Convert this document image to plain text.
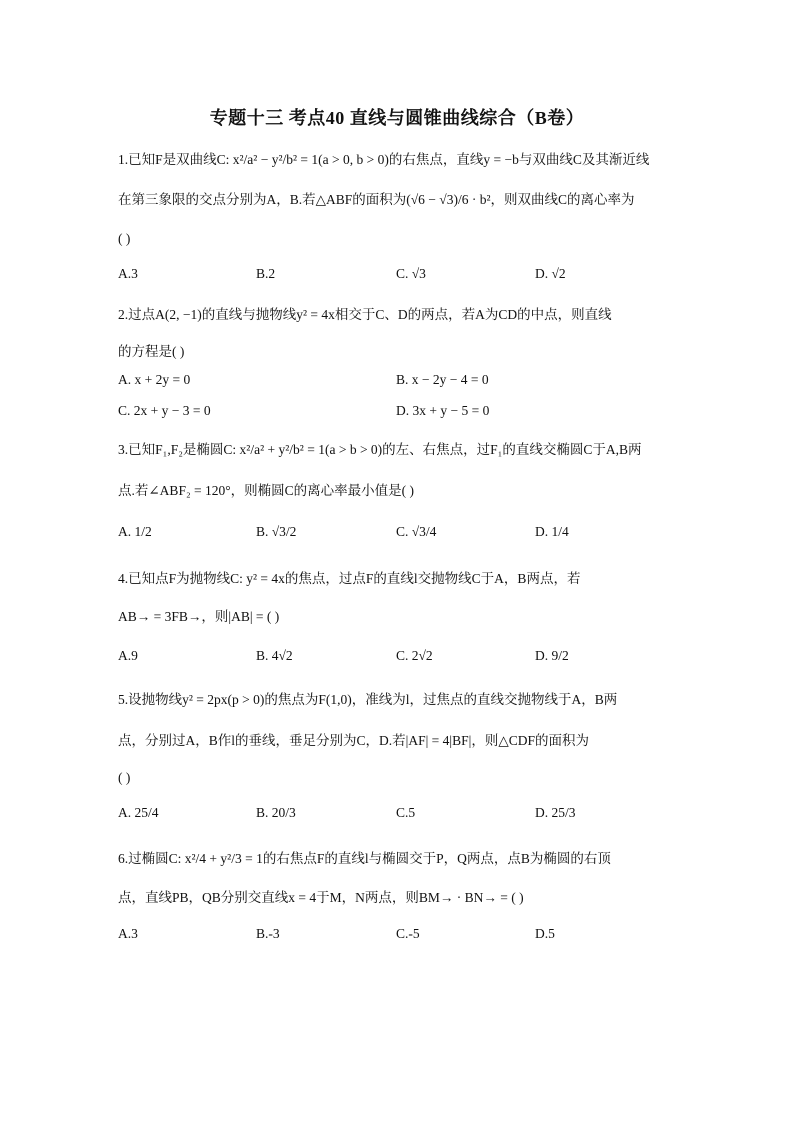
专题十三 考点40 直线与圆锥曲线综合（B卷）
1.已知F是双曲线C: x²/a² − y²/b² = 1(a > 0, b > 0)的右焦点，直线y = −b与双曲线C及其渐近线
在第三象限的交点分别为A，B.若△ABF的面积为(√6 − √3)/6 · b²，则双曲线C的离心率为
( )
A.3	B.2	C. √3	D. √2
2.过点A(2, −1)的直线与抛物线y² = 4x相交于C、D的两点，若A为CD的中点，则直线
的方程是( )
A. x + 2y = 0	B. x − 2y − 4 = 0
C. 2x + y − 3 = 0	D. 3x + y − 5 = 0
3.已知F₁,F₂是椭圆C: x²/a² + y²/b² = 1(a > b > 0)的左、右焦点，过F₁的直线交椭圆C于A,B两
点.若∠ABF₂ = 120°，则椭圆C的离心率最小值是( )
A. 1/2	B. √3/2	C. √3/4	D. 1/4
4.已知点F为抛物线C: y² = 4x的焦点，过点F的直线l交抛物线C于A，B两点，若
AB→ = 3FB→，则|AB| = ( )
A.9	B. 4√2	C. 2√2	D. 9/2
5.设抛物线y² = 2px(p > 0)的焦点为F(1,0)，准线为l，过焦点的直线交抛物线于A，B两
点，分别过A，B作l的垂线，垂足分别为C，D.若|AF| = 4|BF|，则△CDF的面积为
( )
A. 25/4	B. 20/3	C.5	D. 25/3
6.过椭圆C: x²/4 + y²/3 = 1的右焦点F的直线l与椭圆交于P，Q两点，点B为椭圆的右顶
点，直线PB，QB分别交直线x = 4于M，N两点，则BM→ · BN→ = ( )
A.3	B.-3	C.-5	D.5
